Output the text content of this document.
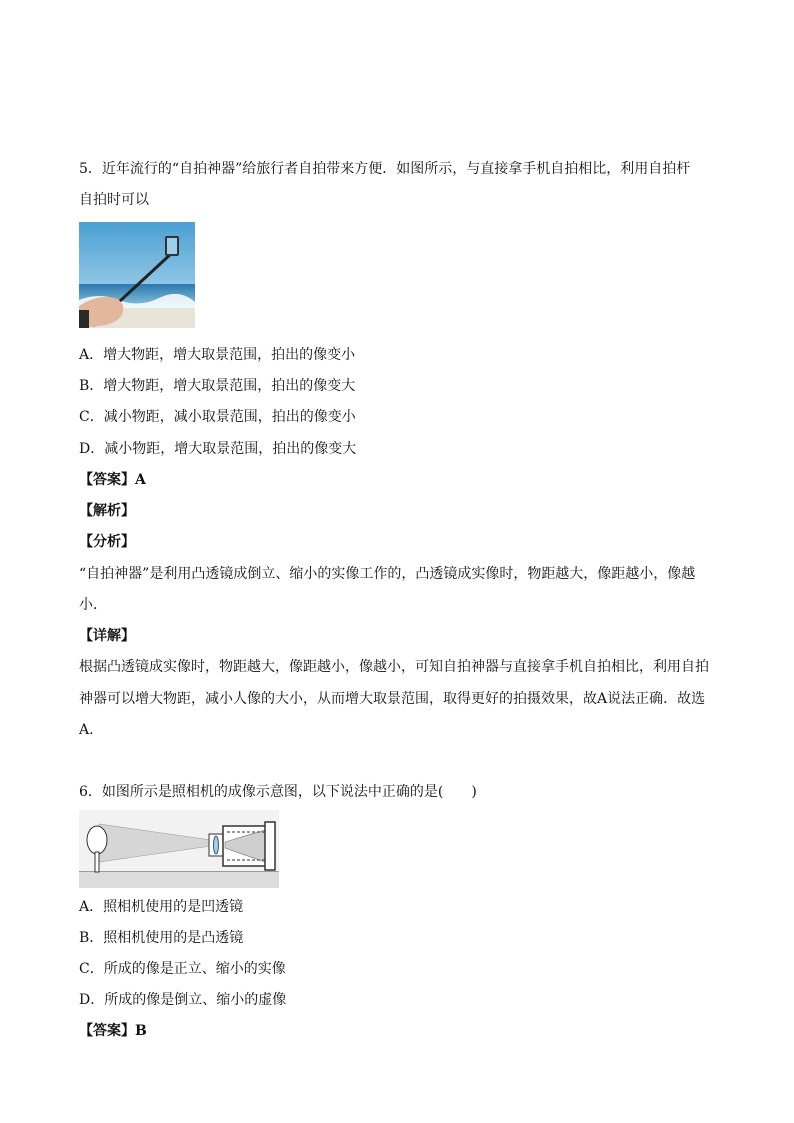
5．近年流行的“自拍神器”给旅行者自拍带来方便．如图所示，与直接拿手机自拍相比，利用自拍杆
自拍时可以
A．增大物距，增大取景范围，拍出的像变小
B．增大物距，增大取景范围，拍出的像变大
C．减小物距，减小取景范围，拍出的像变小
D．减小物距，增大取景范围，拍出的像变大
【答案】A
【解析】
【分析】
“自拍神器”是利用凸透镜成倒立、缩小的实像工作的，凸透镜成实像时，物距越大，像距越小，像越
小．
【详解】
根据凸透镜成实像时，物距越大，像距越小，像越小，可知自拍神器与直接拿手机自拍相比，利用自拍
神器可以增大物距，减小人像的大小，从而增大取景范围，取得更好的拍摄效果，故A说法正确．故选
A.
6．如图所示是照相机的成像示意图，以下说法中正确的是(　　)
A．照相机使用的是凹透镜
B．照相机使用的是凸透镜
C．所成的像是正立、缩小的实像
D．所成的像是倒立、缩小的虚像
【答案】B
